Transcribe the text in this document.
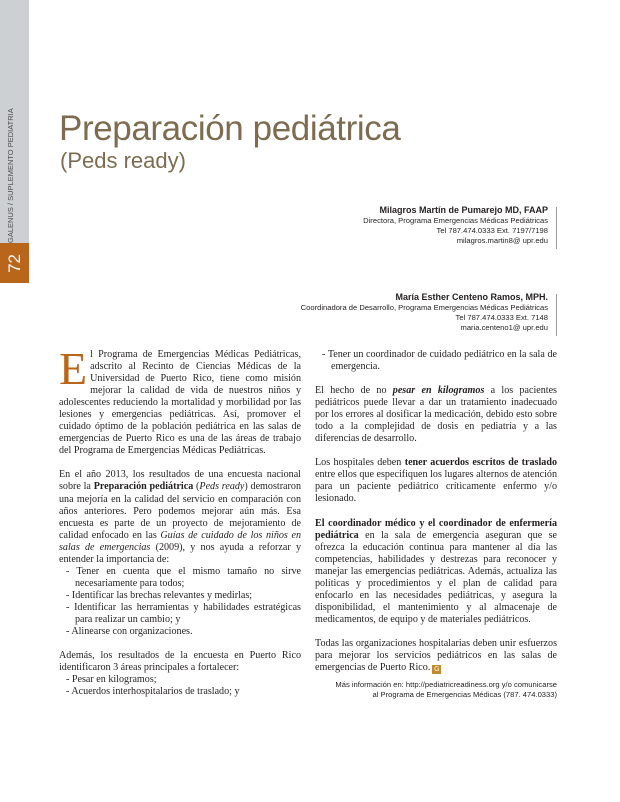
GALENUS / SUPLEMENTO PEDIATRIA
72
Preparación pediátrica
(Peds ready)
Milagros Martín de Pumarejo MD, FAAP
Directora, Programa Emergencias Médicas Pediátricas
Tel 787.474.0333 Ext. 7197/7198
milagros.martin8@ upr.edu
María Esther Centeno Ramos, MPH.
Coordinadora de Desarrollo, Programa Emergencias Médicas Pediátricas
Tel 787.474.0333 Ext. 7148
maria.centeno1@ upr.edu

El Programa de Emergencias Médicas Pediátricas, adscrito al Recinto de Ciencias Médicas de la Universidad de Puerto Rico, tiene como misión mejorar la calidad de vida de nuestros niños y adolescentes reduciendo la mortalidad y morbilidad por las lesiones y emergencias pediátricas. Así, promover el cuidado óptimo de la población pediátrica en las salas de emergencias de Puerto Rico es una de las áreas de trabajo del Programa de Emergencias Médicas Pediátricas.

En el año 2013, los resultados de una encuesta nacional sobre la Preparación pediátrica (Peds ready) demostraron una mejoría en la calidad del servicio en comparación con años anteriores. Pero podemos mejorar aún más. Esa encuesta es parte de un proyecto de mejoramiento de calidad enfocado en las Guías de cuidado de los niños en salas de emergencias (2009), y nos ayuda a reforzar y entender la importancia de:

- Tener en cuenta que el mismo tamaño no sirve necesariamente para todos;
- Identificar las brechas relevantes y medirlas;
- Identificar las herramientas y habilidades estratégicas para realizar un cambio; y
- Alinearse con organizaciones.

Además, los resultados de la encuesta en Puerto Rico identificaron 3 áreas principales a fortalecer:

- Pesar en kilogramos;
- Acuerdos interhospitalarios de traslado; y
- Tener un coordinador de cuidado pediátrico en la sala de emergencia.

El hecho de no pesar en kilogramos a los pacientes pediátricos puede llevar a dar un tratamiento inadecuado por los errores al dosificar la medicación, debido esto sobre todo a la complejidad de dosis en pediatría y a las diferencias de desarrollo.

Los hospitales deben tener acuerdos escritos de traslado entre ellos que especifiquen los lugares alternos de atención para un paciente pediátrico críticamente enfermo y/o lesionado.

El coordinador médico y el coordinador de enfermería pediátrica en la sala de emergencia aseguran que se ofrezca la educación continua para mantener al día las competencias, habilidades y destrezas para reconocer y manejar las emergencias pediátricas. Además, actualiza las políticas y procedimientos y el plan de calidad para enfocarlo en las necesidades pediátricas, y asegura la disponibilidad, el mantenimiento y al almacenaje de medicamentos, de equipo y de materiales pediátricos.

Todas las organizaciones hospitalarias deben unir esfuerzos para mejorar los servicios pediátricos en las salas de emergencias de Puerto Rico. G

Más información en: http://pediatricreadiness.org y/o comunicarse
al Programa de Emergencias Médicas (787. 474.0333)
